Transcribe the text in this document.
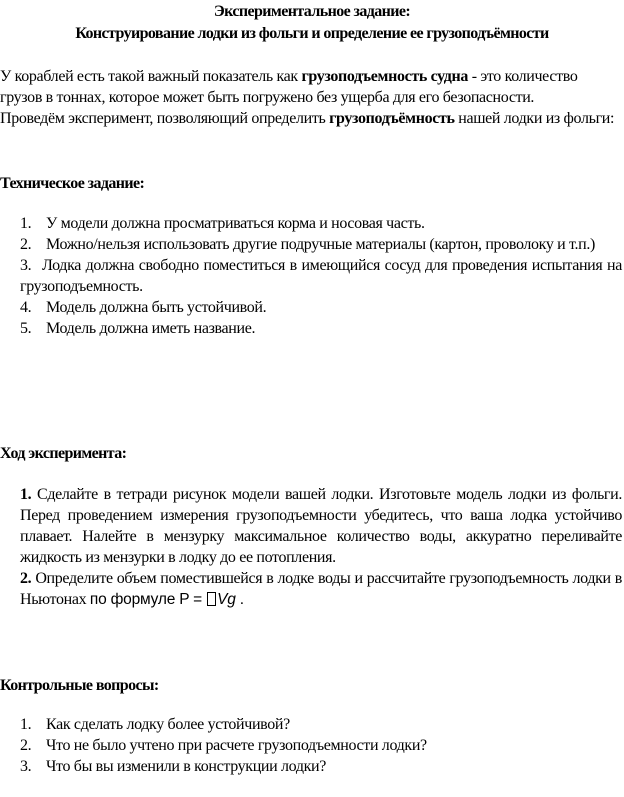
Экспериментальное задание:

Конструирование лодки из фольги и определение ее грузоподъёмности

У кораблей есть такой важный показатель как грузоподъемность судна - это количество грузов в тоннах, которое может быть погружено без ущерба для его безопасности.

Проведём эксперимент, позволяющий определить грузоподъёмность нашей лодки из фольги:

Техническое задание:

1. У модели должна просматриваться корма и носовая часть.
2. Можно/нельзя использовать другие подручные материалы (картон, проволоку и т.п.)
3. Лодка должна свободно поместиться в имеющийся сосуд для проведения испытания на грузоподъемность.
4. Модель должна быть устойчивой.
5. Модель должна иметь название.

Ход эксперимента:

1. Сделайте в тетради рисунок модели вашей лодки. Изготовьте модель лодки из фольги. Перед проведением измерения грузоподъемности убедитесь, что ваша лодка устойчиво плавает. Налейте в мензурку максимальное количество воды, аккуратно переливайте жидкость из мензурки в лодку до ее потопления.

2. Определите объем поместившейся в лодке воды и рассчитайте грузоподъемность лодки в Ньютонах по формуле P = Vg .

Контрольные вопросы:

1. Как сделать лодку более устойчивой?
2. Что не было учтено при расчете грузоподъемности лодки?
3. Что бы вы изменили в конструкции лодки?
